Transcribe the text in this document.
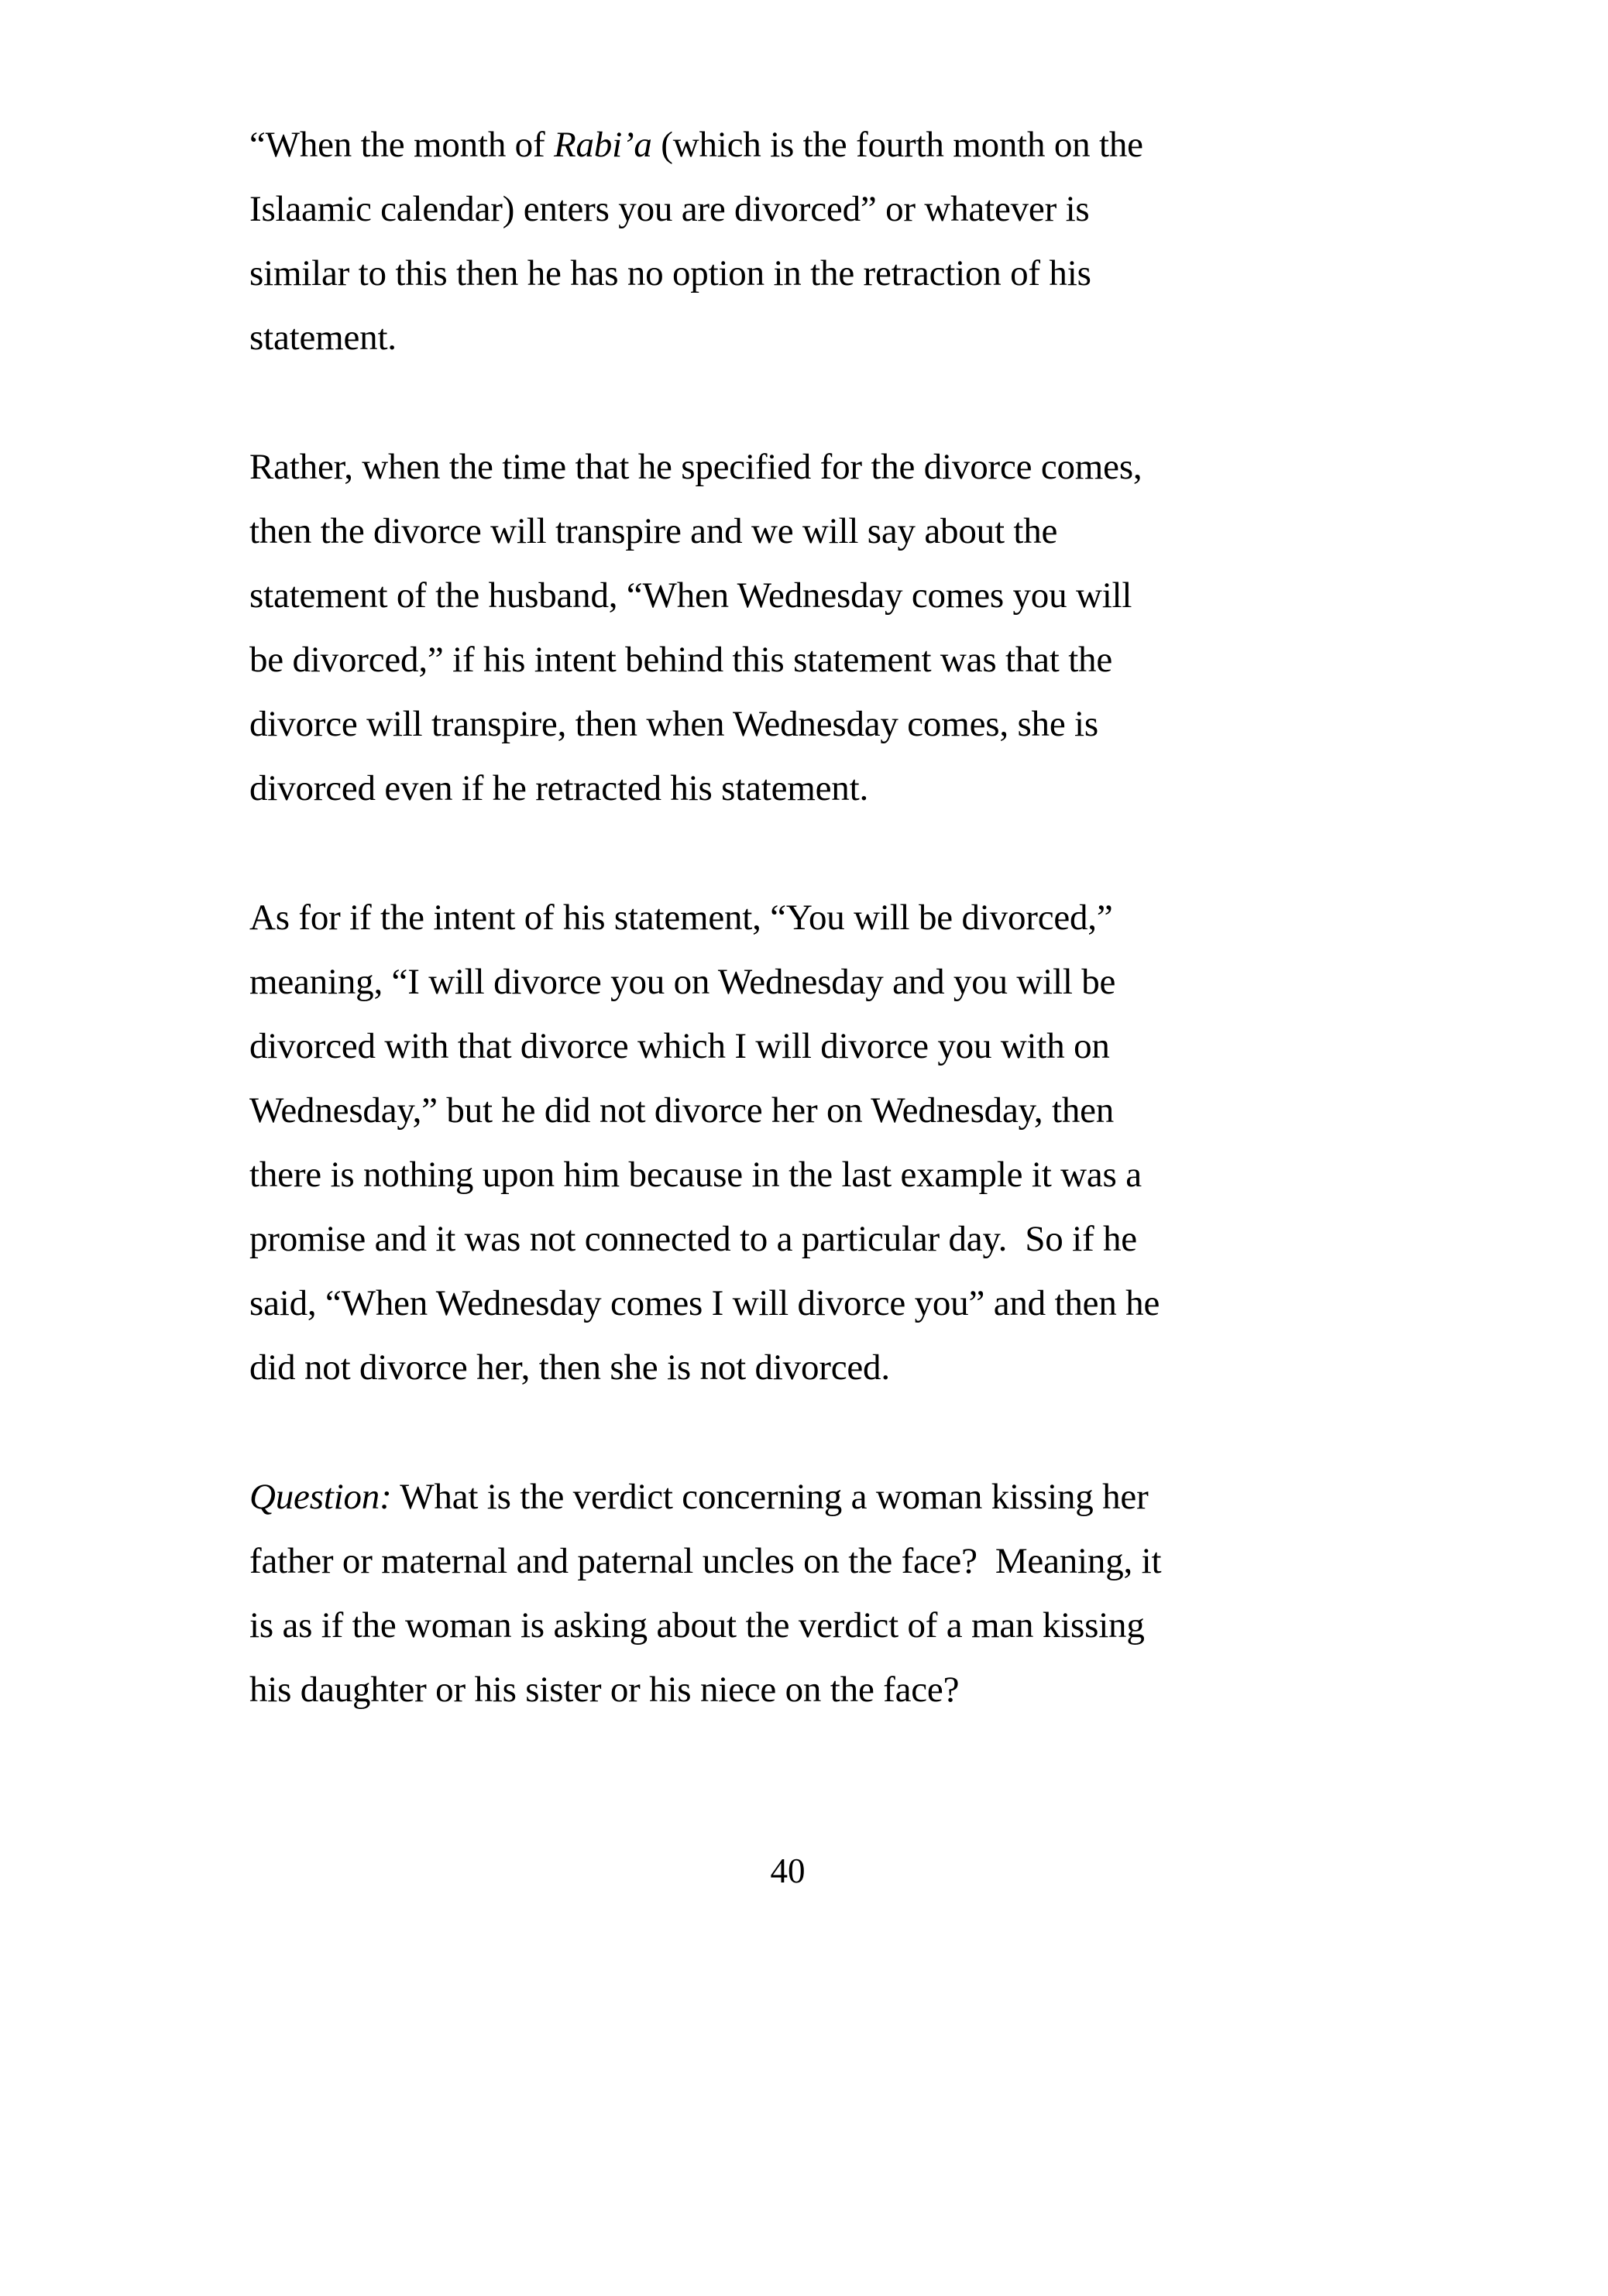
“When the month of Rabi’a (which is the fourth month on the
Islaamic calendar) enters you are divorced” or whatever is
similar to this then he has no option in the retraction of his
statement.
Rather, when the time that he specified for the divorce comes,
then the divorce will transpire and we will say about the
statement of the husband, “When Wednesday comes you will
be divorced,” if his intent behind this statement was that the
divorce will transpire, then when Wednesday comes, she is
divorced even if he retracted his statement.
As for if the intent of his statement, “You will be divorced,”
meaning, “I will divorce you on Wednesday and you will be
divorced with that divorce which I will divorce you with on
Wednesday,” but he did not divorce her on Wednesday, then
there is nothing upon him because in the last example it was a
promise and it was not connected to a particular day.  So if he
said, “When Wednesday comes I will divorce you” and then he
did not divorce her, then she is not divorced.
Question: What is the verdict concerning a woman kissing her
father or maternal and paternal uncles on the face?  Meaning, it
is as if the woman is asking about the verdict of a man kissing
his daughter or his sister or his niece on the face?
40
